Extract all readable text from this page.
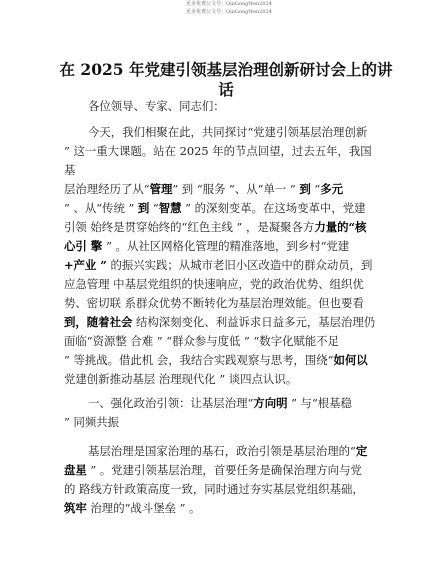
更多免费公文号：QinGongWen2024
更多免费公文号：QinGongWen2024
在 2025 年党建引领基层治理创新研讨会上的讲
话
各位领导、专家、同志们：
今天，我们相聚在此，共同探讨“党建引领基层治理创新
” 这一重大课题。站在 2025 年的节点回望，过去五年，我国
基
层治理经历了从“管理” 到 “服务 ”、从“单一 ” 到 “多元
” 、从“传统 ” 到 “智慧 ” 的深刻变革。在这场变革中，党建
引领 始终是贯穿始终的“红色主线 ” ，是凝聚各方力量的“核
心引 擎 ” 。从社区网格化管理的精准落地，到乡村“党建
+产业 ” 的振兴实践；从城市老旧小区改造中的群众动员，到
应急管理 中基层党组织的快速响应，党的政治优势、组织优
势、密切联 系群众优势不断转化为基层治理效能。但也要看
到，随着社会 结构深刻变化、利益诉求日益多元，基层治理仍
面临“资源整 合难 ” “群众参与度低 ” “数字化赋能不足
” 等挑战。借此机 会，我结合实践观察与思考，围绕“如何以
党建创新推动基层 治理现代化 ” 谈四点认识。
一、强化政治引领：让基层治理“方向明 ” 与“根基稳
” 同频共振
基层治理是国家治理的基石，政治引领是基层治理的“定
盘星 ” 。党建引领基层治理，首要任务是确保治理方向与党
的 路线方针政策高度一致，同时通过夯实基层党组织基础，
筑牢 治理的“战斗堡垒 ” 。
